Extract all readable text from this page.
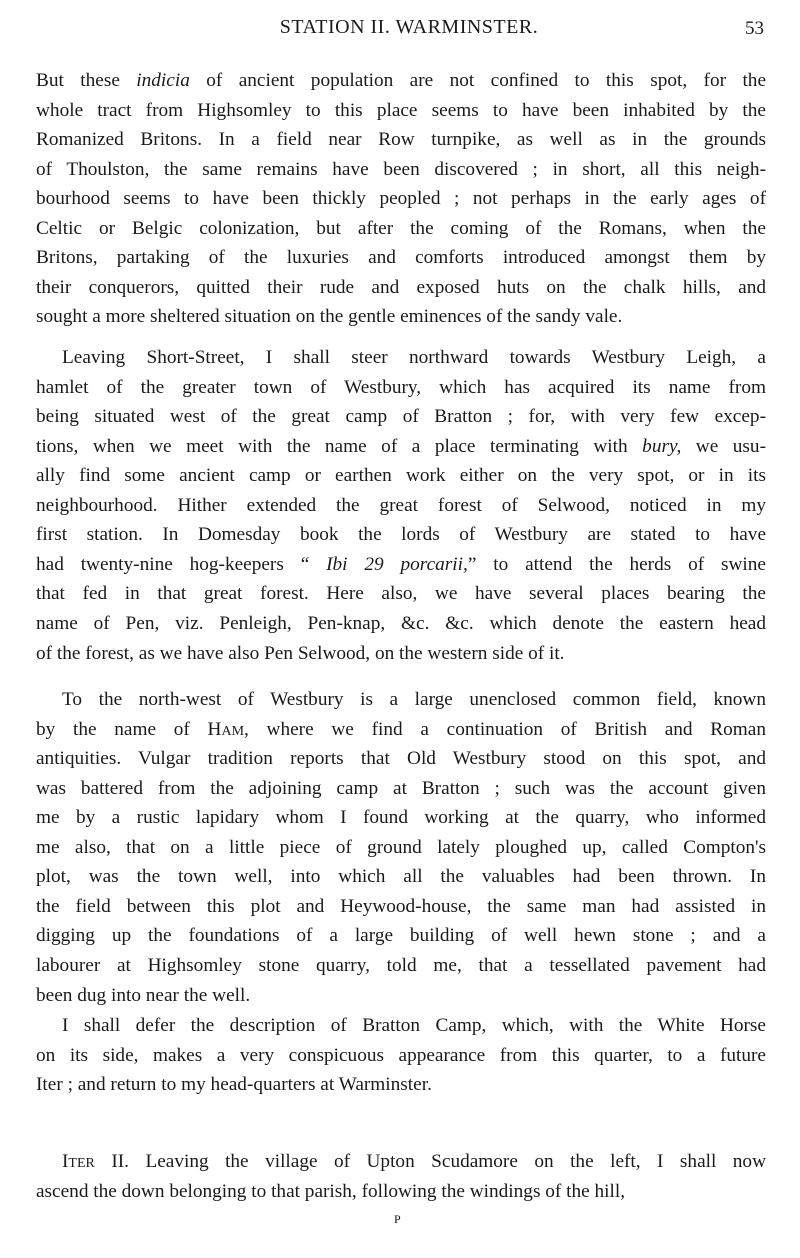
STATION II. WARMINSTER.	53
But these indicia of ancient population are not confined to this spot, for the
whole tract from Highsomley to this place seems to have been inhabited by the
Romanized Britons. In a field near Row turnpike, as well as in the grounds
of Thoulston, the same remains have been discovered ; in short, all this neigh-
bourhood seems to have been thickly peopled ; not perhaps in the early ages of
Celtic or Belgic colonization, but after the coming of the Romans, when the
Britons, partaking of the luxuries and comforts introduced amongst them by
their conquerors, quitted their rude and exposed huts on the chalk hills, and
sought a more sheltered situation on the gentle eminences of the sandy vale.
Leaving Short-Street, I shall steer northward towards Westbury Leigh, a
hamlet of the greater town of Westbury, which has acquired its name from
being situated west of the great camp of Bratton ; for, with very few excep-
tions, when we meet with the name of a place terminating with bury, we usu-
ally find some ancient camp or earthen work either on the very spot, or in its
neighbourhood. Hither extended the great forest of Selwood, noticed in my
first station. In Domesday book the lords of Westbury are stated to have
had twenty-nine hog-keepers “ Ibi 29 porcarii,” to attend the herds of swine
that fed in that great forest. Here also, we have several places bearing the
name of Pen, viz. Penleigh, Pen-knap, &c. &c. which denote the eastern head
of the forest, as we have also Pen Selwood, on the western side of it.
To the north-west of Westbury is a large unenclosed common field, known
by the name of Ham, where we find a continuation of British and Roman
antiquities. Vulgar tradition reports that Old Westbury stood on this spot, and
was battered from the adjoining camp at Bratton ; such was the account given
me by a rustic lapidary whom I found working at the quarry, who informed
me also, that on a little piece of ground lately ploughed up, called Compton's
plot, was the town well, into which all the valuables had been thrown. In
the field between this plot and Heywood-house, the same man had assisted in
digging up the foundations of a large building of well hewn stone ; and a
labourer at Highsomley stone quarry, told me, that a tessellated pavement had
been dug into near the well.
I shall defer the description of Bratton Camp, which, with the White Horse
on its side, makes a very conspicuous appearance from this quarter, to a future
Iter ; and return to my head-quarters at Warminster.
Iter II. Leaving the village of Upton Scudamore on the left, I shall now
ascend the down belonging to that parish, following the windings of the hill,
P
